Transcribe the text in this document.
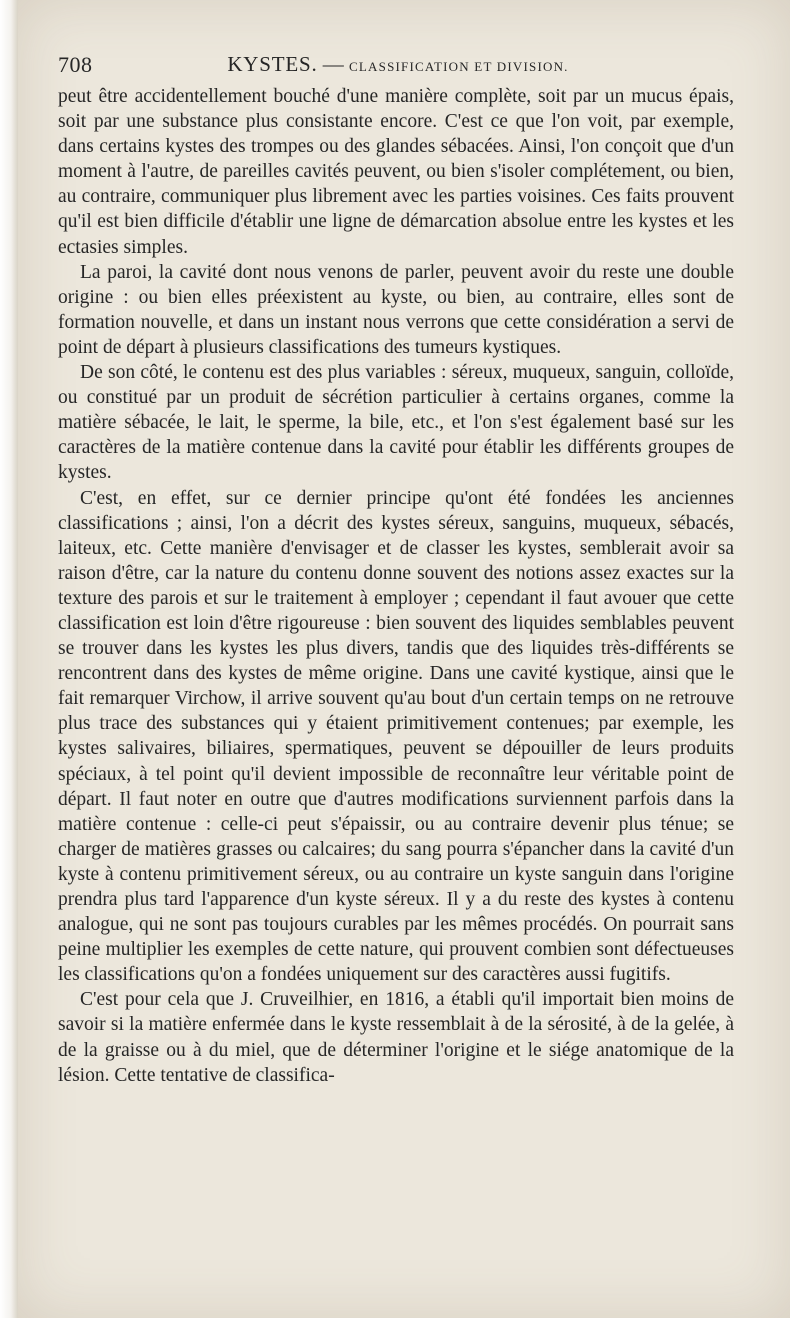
708	KYSTES. — CLASSIFICATION ET DIVISION.

peut être accidentellement bouché d'une manière complète, soit par un mucus épais, soit par une substance plus consistante encore. C'est ce que l'on voit, par exemple, dans certains kystes des trompes ou des glandes sébacées. Ainsi, l'on conçoit que d'un moment à l'autre, de pareilles cavités peuvent, ou bien s'isoler complétement, ou bien, au contraire, communiquer plus librement avec les parties voisines. Ces faits prouvent qu'il est bien difficile d'établir une ligne de démarcation absolue entre les kystes et les ectasies simples.

La paroi, la cavité dont nous venons de parler, peuvent avoir du reste une double origine : ou bien elles préexistent au kyste, ou bien, au contraire, elles sont de formation nouvelle, et dans un instant nous verrons que cette considération a servi de point de départ à plusieurs classifications des tumeurs kystiques.

De son côté, le contenu est des plus variables : séreux, muqueux, sanguin, colloïde, ou constitué par un produit de sécrétion particulier à certains organes, comme la matière sébacée, le lait, le sperme, la bile, etc., et l'on s'est également basé sur les caractères de la matière contenue dans la cavité pour établir les différents groupes de kystes.

C'est, en effet, sur ce dernier principe qu'ont été fondées les anciennes classifications ; ainsi, l'on a décrit des kystes séreux, sanguins, muqueux, sébacés, laiteux, etc. Cette manière d'envisager et de classer les kystes, semblerait avoir sa raison d'être, car la nature du contenu donne souvent des notions assez exactes sur la texture des parois et sur le traitement à employer ; cependant il faut avouer que cette classification est loin d'être rigoureuse : bien souvent des liquides semblables peuvent se trouver dans les kystes les plus divers, tandis que des liquides très-différents se rencontrent dans des kystes de même origine. Dans une cavité kystique, ainsi que le fait remarquer Virchow, il arrive souvent qu'au bout d'un certain temps on ne retrouve plus trace des substances qui y étaient primitivement contenues; par exemple, les kystes salivaires, biliaires, spermatiques, peuvent se dépouiller de leurs produits spéciaux, à tel point qu'il devient impossible de reconnaître leur véritable point de départ. Il faut noter en outre que d'autres modifications surviennent parfois dans la matière contenue : celle-ci peut s'épaissir, ou au contraire devenir plus ténue; se charger de matières grasses ou calcaires; du sang pourra s'épancher dans la cavité d'un kyste à contenu primitivement séreux, ou au contraire un kyste sanguin dans l'origine prendra plus tard l'apparence d'un kyste séreux. Il y a du reste des kystes à contenu analogue, qui ne sont pas toujours curables par les mêmes procédés. On pourrait sans peine multiplier les exemples de cette nature, qui prouvent combien sont défectueuses les classifications qu'on a fondées uniquement sur des caractères aussi fugitifs.

C'est pour cela que J. Cruveilhier, en 1816, a établi qu'il importait bien moins de savoir si la matière enfermée dans le kyste ressemblait à de la sérosité, à de la gelée, à de la graisse ou à du miel, que de déterminer l'origine et le siége anatomique de la lésion. Cette tentative de classifica-
